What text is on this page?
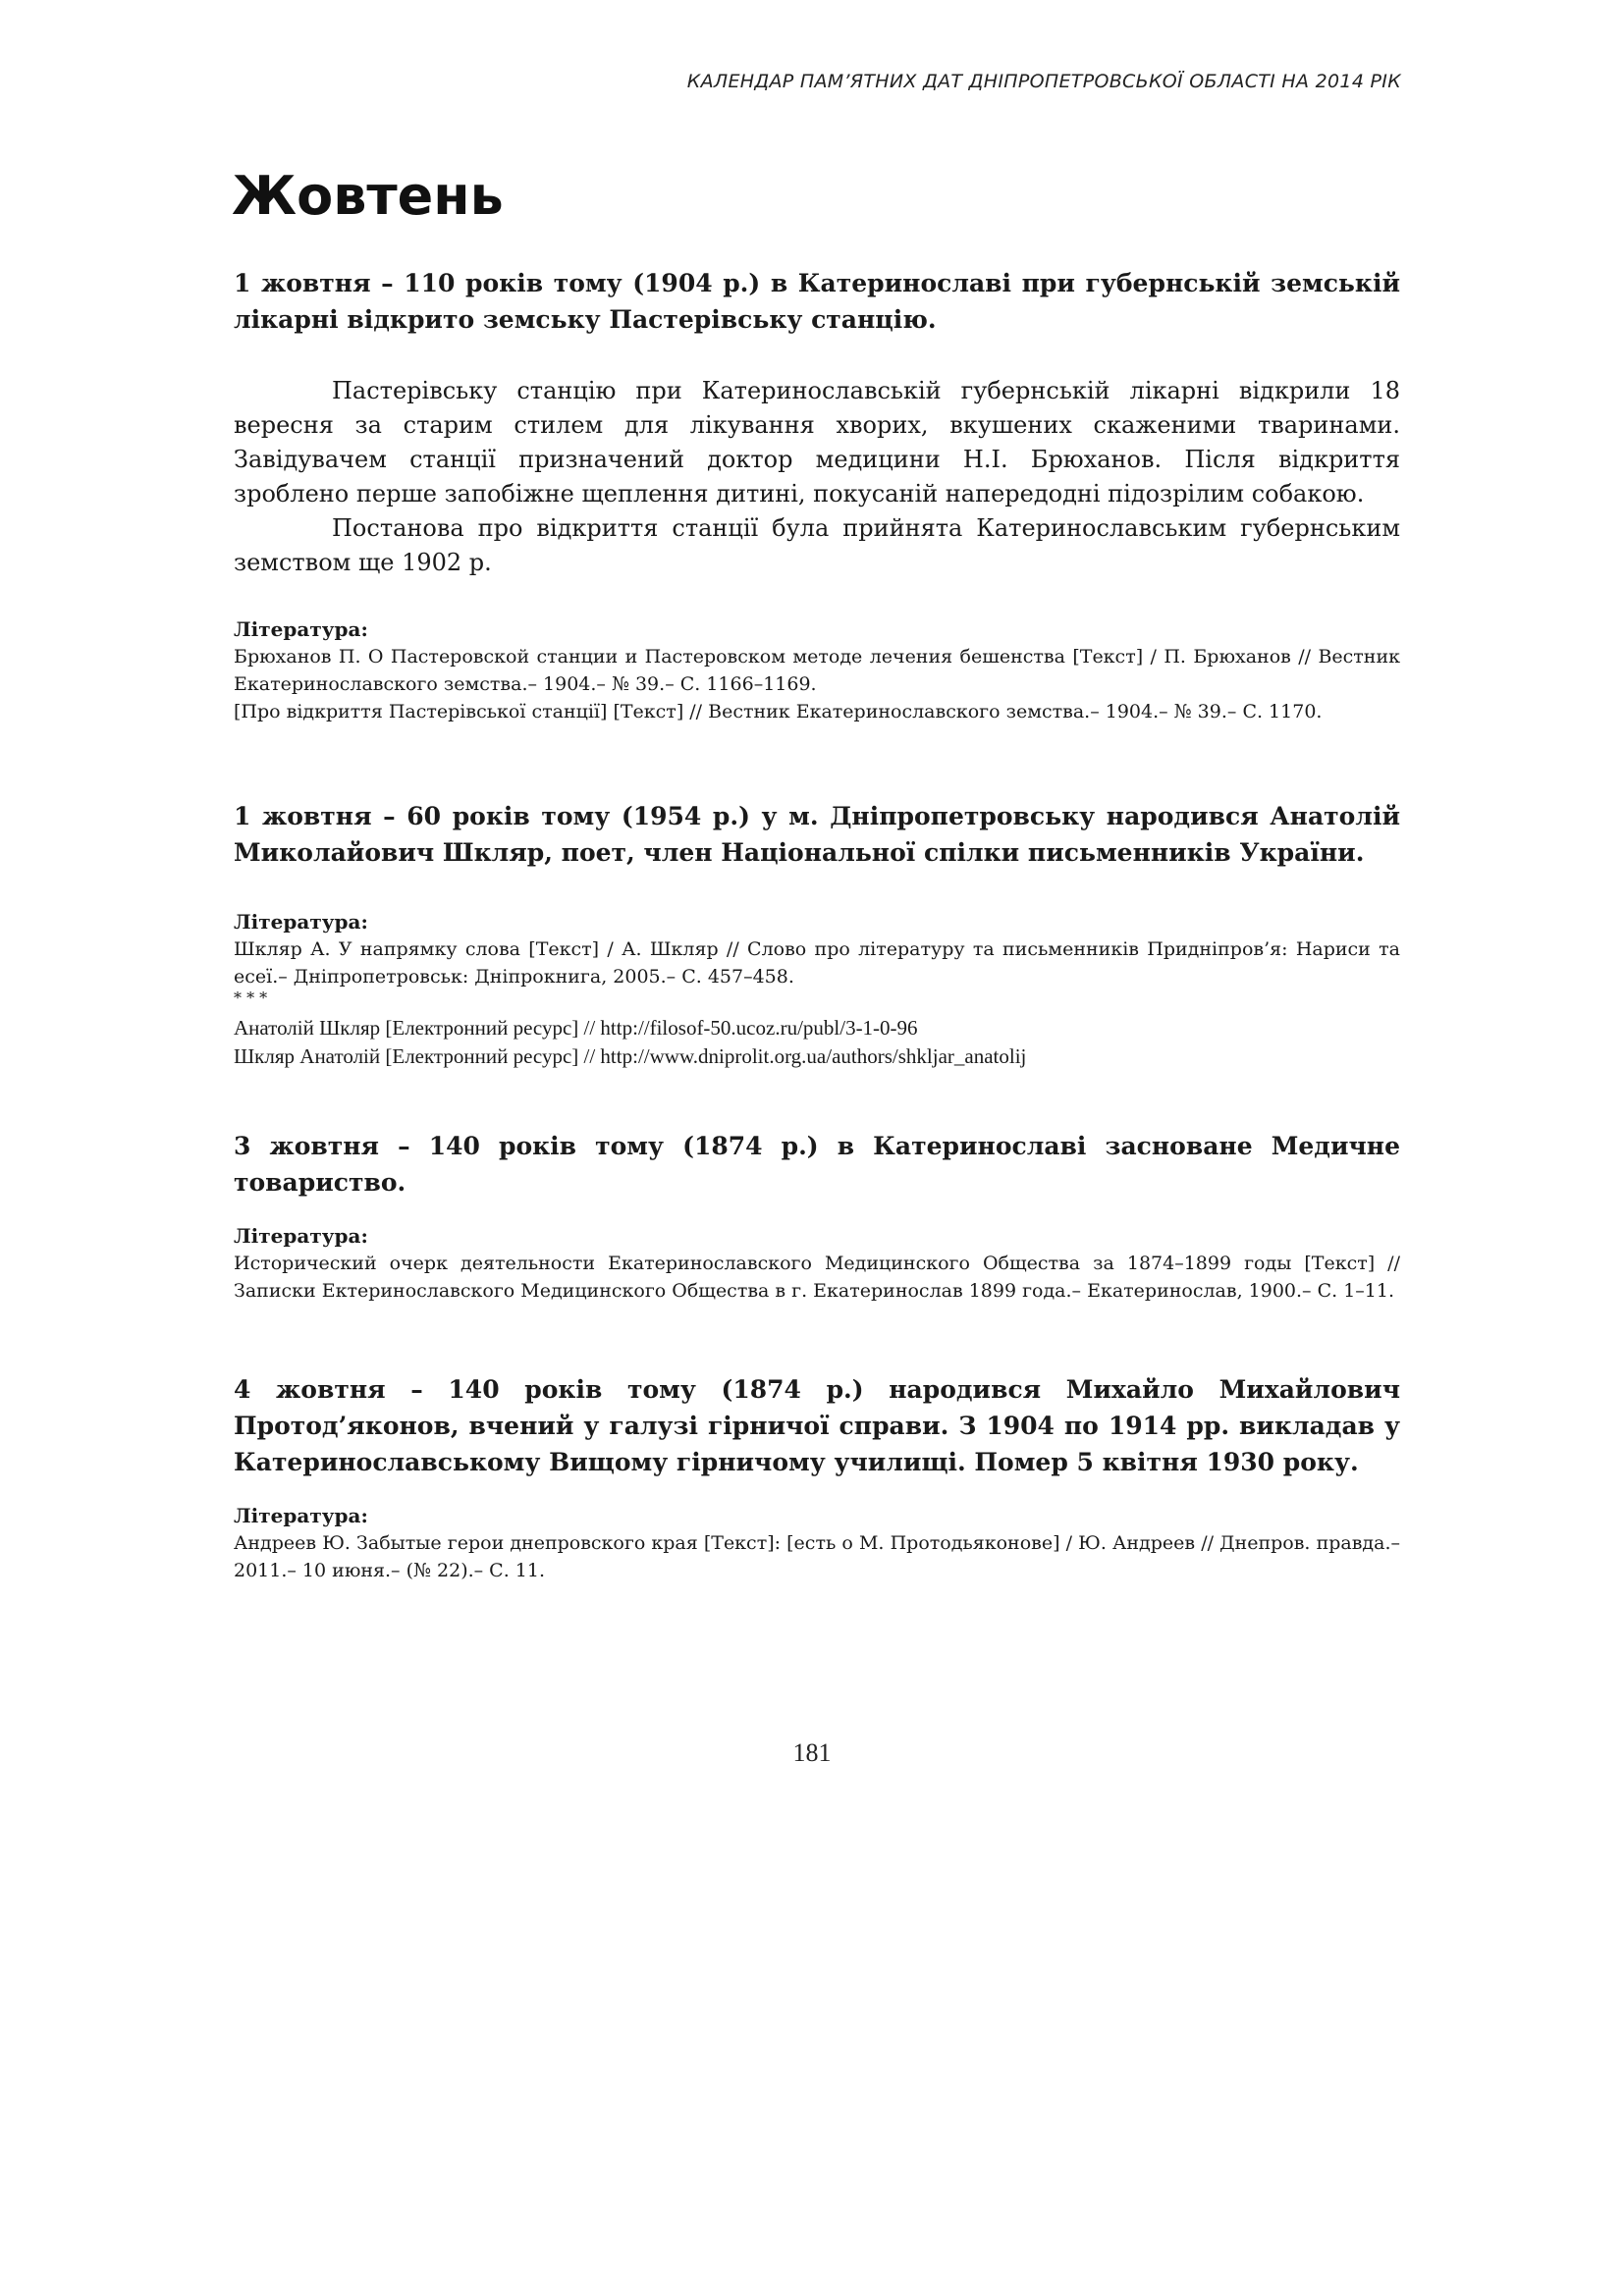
КАЛЕНДАР ПАМ’ЯТНИХ ДАТ ДНІПРОПЕТРОВСЬКОЇ ОБЛАСТІ НА 2014 РІК
Жовтень

1 жовтня – 110 років тому (1904 р.) в Катеринославі при губернській земській лікарні відкрито земську Пастерівську станцію.

Пастерівську станцію при Катеринославській губернській лікарні відкрили 18 вересня за старим стилем для лікування хворих, вкушених скаженими тваринами. Завідувачем станції призначений доктор медицини Н.І. Брюханов. Після відкриття зроблено перше запобіжне щеплення дитині, покусаній напередодні підозрілим собакою.

Постанова про відкриття станції була прийнята Катеринославським губернським земством ще 1902 р.

Література:

Брюханов П. О Пастеровской станции и Пастеровском методе лечения бешенства [Текст] / П. Брюханов // Вестник Екатеринославского земства.– 1904.– № 39.– С. 1166–1169.

[Про відкриття Пастерівської станції] [Текст] // Вестник Екатеринославского земства.– 1904.– № 39.– С. 1170.

1 жовтня – 60 років тому (1954 р.) у м. Дніпропетровську народився Анатолій Миколайович Шкляр, поет, член Національної спілки письменників України.

Література:

Шкляр А. У напрямку слова [Текст] / А. Шкляр // Слово про літературу та письменників Придніпров’я: Нариси та есеї.– Дніпропетровськ: Дніпрокнига, 2005.– С. 457–458.

* * *

Анатолій Шкляр [Електронний ресурс] // http://filosof-50.ucoz.ru/publ/3-1-0-96

Шкляр Анатолій [Електронний ресурс] // http://www.dniprolit.org.ua/authors/shkljar_anatolij

3 жовтня – 140 років тому (1874 р.) в Катеринославі засноване Медичне товариство.

Література:

Исторический очерк деятельности Екатеринославского Медицинского Общества за 1874–1899 годы [Текст] // Записки Ектеринославского Медицинского Общества в г. Екатеринослав 1899 года.– Екатеринослав, 1900.– С. 1–11.

4 жовтня – 140 років тому (1874 р.) народився Михайло Михайлович Протод’яконов, вчений у галузі гірничої справи. З 1904 по 1914 рр. викладав у Катеринославському Вищому гірничому училищі. Помер 5 квітня 1930 року.

Література:

Андреев Ю. Забытые герои днепровского края [Текст]: [есть о М. Протодьяконове] / Ю. Андреев // Днепров. правда.– 2011.– 10 июня.– (№ 22).– С. 11.

181
